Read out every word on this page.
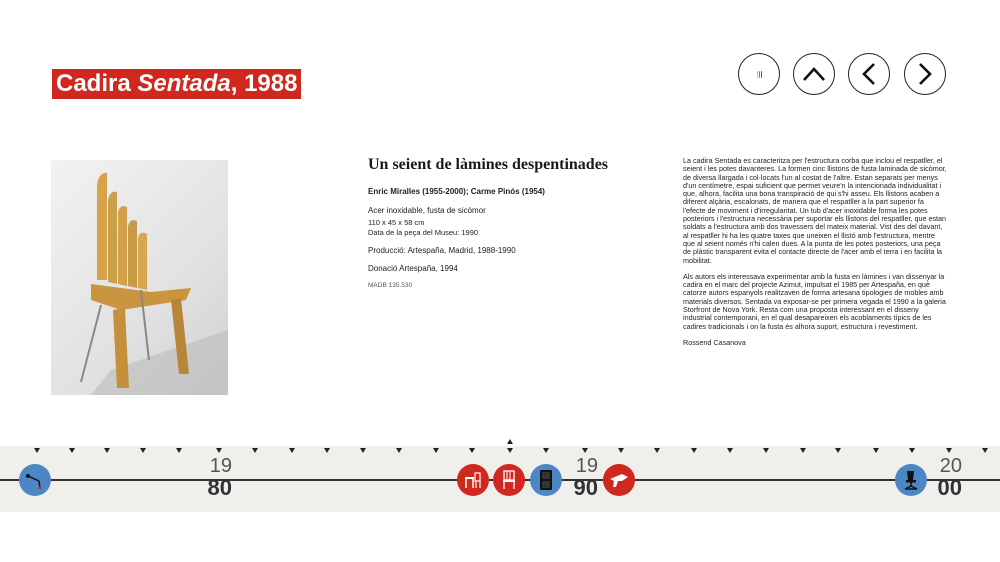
Cadira Sentada, 1988
Un seient de làmines despentinades
Enric Miralles (1955-2000); Carme Pinós (1954)
Acer inoxidable, fusta de sicòmor
110 x 45 x 58 cm
Data de la peça del Museu: 1990
Producció: Artespaña, Madrid, 1988-1990
Donació Artespaña, 1994
MADB 135.530

La cadira Sentada es caracteritza per l'estructura corba que inclou el respatller, el seient i les potes davanteres. La formen cinc llistons de fusta laminada de sicòmor, de diversa llargada i col·locats l'un al costat de l'altre. Estan separats per menys d'un centímetre, espai suficient que permet veure'n la intencionada individualitat i que, alhora, facilita una bona transpiració de qui s'hi asseu. Els llistons acaben a diferent alçària, escalonats, de manera que el respatller a la part superior fa l'efecte de moviment i d'irregularitat. Un tub d'acer inoxidable forma les potes posteriors i l'estructura necessària per suportar els llistons del respatller, que estan soldats a l'estructura amb dos travessers del mateix material. Vist des del davant, al respatller hi ha les quatre taxes que uneixen el llistó amb l'estructura, mentre que al seient només n'hi calen dues. A la punta de les potes posteriors, una peça de plàstic transparent evita el contacte directe de l'acer amb el terra i en facilita la mobilitat.

Als autors els interessava experimentar amb la fusta en làmines i van dissenyar la cadira en el marc del projecte Azimut, impulsat el 1985 per Artespaña, en què catorze autors espanyols realitzaven de forma artesana tipologies de mobles amb materials diversos. Sentada va exposar-se per primera vegada el 1990 a la galeria Storfront de Nova York. Resta com una proposta interessant en el disseny industrial contemporani, en el qual desapareixen els acoblaments típics de les cadires tradicionals i on la fusta és alhora suport, estructura i revestiment.

Rossend Casanova

19
80
19
90
20
00
